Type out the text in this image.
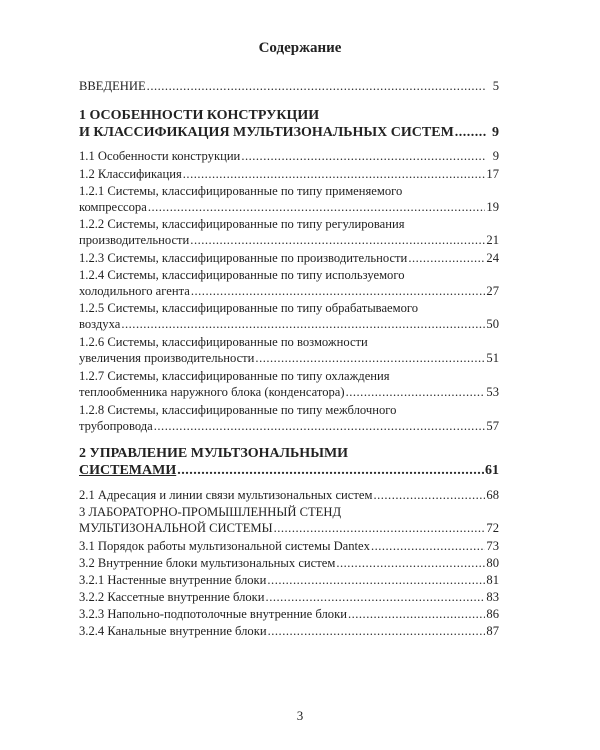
Содержание
ВВЕДЕНИЕ .....	5
1 ОСОБЕННОСТИ КОНСТРУКЦИИ
И КЛАССИФИКАЦИЯ МУЛЬТИЗОНАЛЬНЫХ СИСТЕМ .....	9
1.1 Особенности конструкции .....	9
1.2 Классификация .....	17
1.2.1 Системы, классифицированные по типу применяемого
компрессора .....	19
1.2.2 Системы, классифицированные по типу регулирования
производительности .....	21
1.2.3 Системы, классифицированные по производительности .....	24
1.2.4 Системы, классифицированные по типу используемого
холодильного агента .....	27
1.2.5 Системы, классифицированные по типу обрабатываемого
воздуха .....	50
1.2.6 Системы, классифицированные по возможности
увеличения производительности .....	51
1.2.7 Системы, классифицированные по типу охлаждения
теплообменника наружного блока (конденсатора) .....	53
1.2.8 Системы, классифицированные по типу межблочного
трубопровода .....	57
2 УПРАВЛЕНИЕ МУЛЬТЗОНАЛЬНЫМИ
СИСТЕМАМИ .....	61
2.1 Адресация и линии связи мультизональных систем .....	68
3 ЛАБОРАТОРНО-ПРОМЫШЛЕННЫЙ СТЕНД
МУЛЬТИЗОНАЛЬНОЙ СИСТЕМЫ .....	72
3.1 Порядок работы мультизональной системы Dantex .....	73
3.2 Внутренние блоки мультизональных систем .....	80
3.2.1 Настенные внутренние блоки .....	81
3.2.2 Кассетные внутренние блоки .....	83
3.2.3 Напольно-подпотолочные внутренние блоки .....	86
3.2.4 Канальные внутренние блоки .....	87
3
